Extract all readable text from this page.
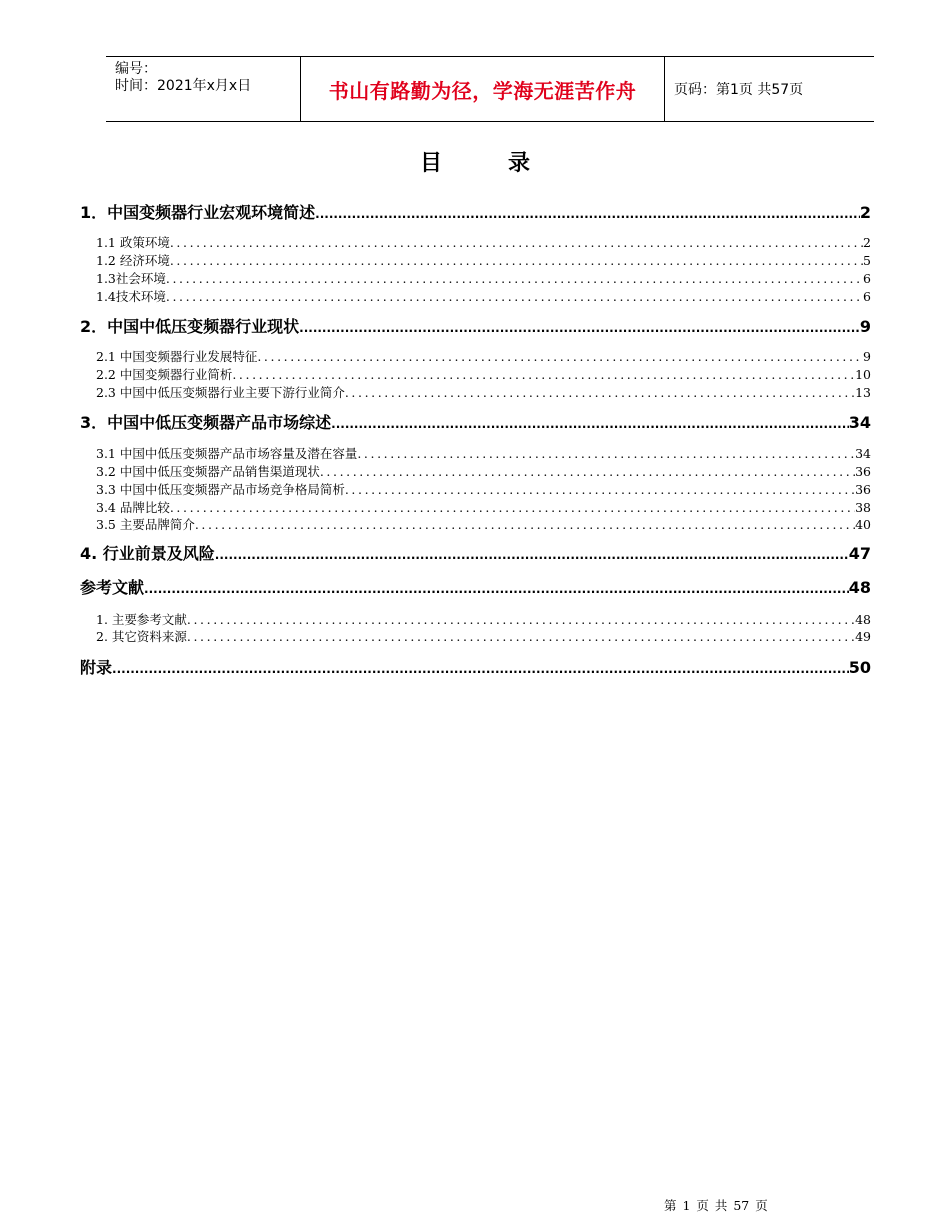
编号：
时间：2021年x月x日	书山有路勤为径，学海无涯苦作舟	页码：第1页 共57页
目录
1．中国变频器行业宏观环境简述 .....	2
1.1 政策环境 .....	2
1.2 经济环境 .....	5
1.3社会环境 .....	6
1.4技术环境 .....	6
2．中国中低压变频器行业现状 .....	9
2.1 中国变频器行业发展特征 .....	9
2.2 中国变频器行业简析 .....	10
2.3 中国中低压变频器行业主要下游行业简介 .....	13
3．中国中低压变频器产品市场综述 .....	34
3.1 中国中低压变频器产品市场容量及潜在容量 .....	34
3.2 中国中低压变频器产品销售渠道现状 .....	36
3.3 中国中低压变频器产品市场竞争格局简析 .....	36
3.4 品牌比较 .....	38
3.5 主要品牌简介 .....	40
4. 行业前景及风险 .....	47
参考文献 .....	48
1. 主要参考文献 .....	48
2. 其它资料来源 .....	49
附录 .....	50
第 1 页 共 57 页
